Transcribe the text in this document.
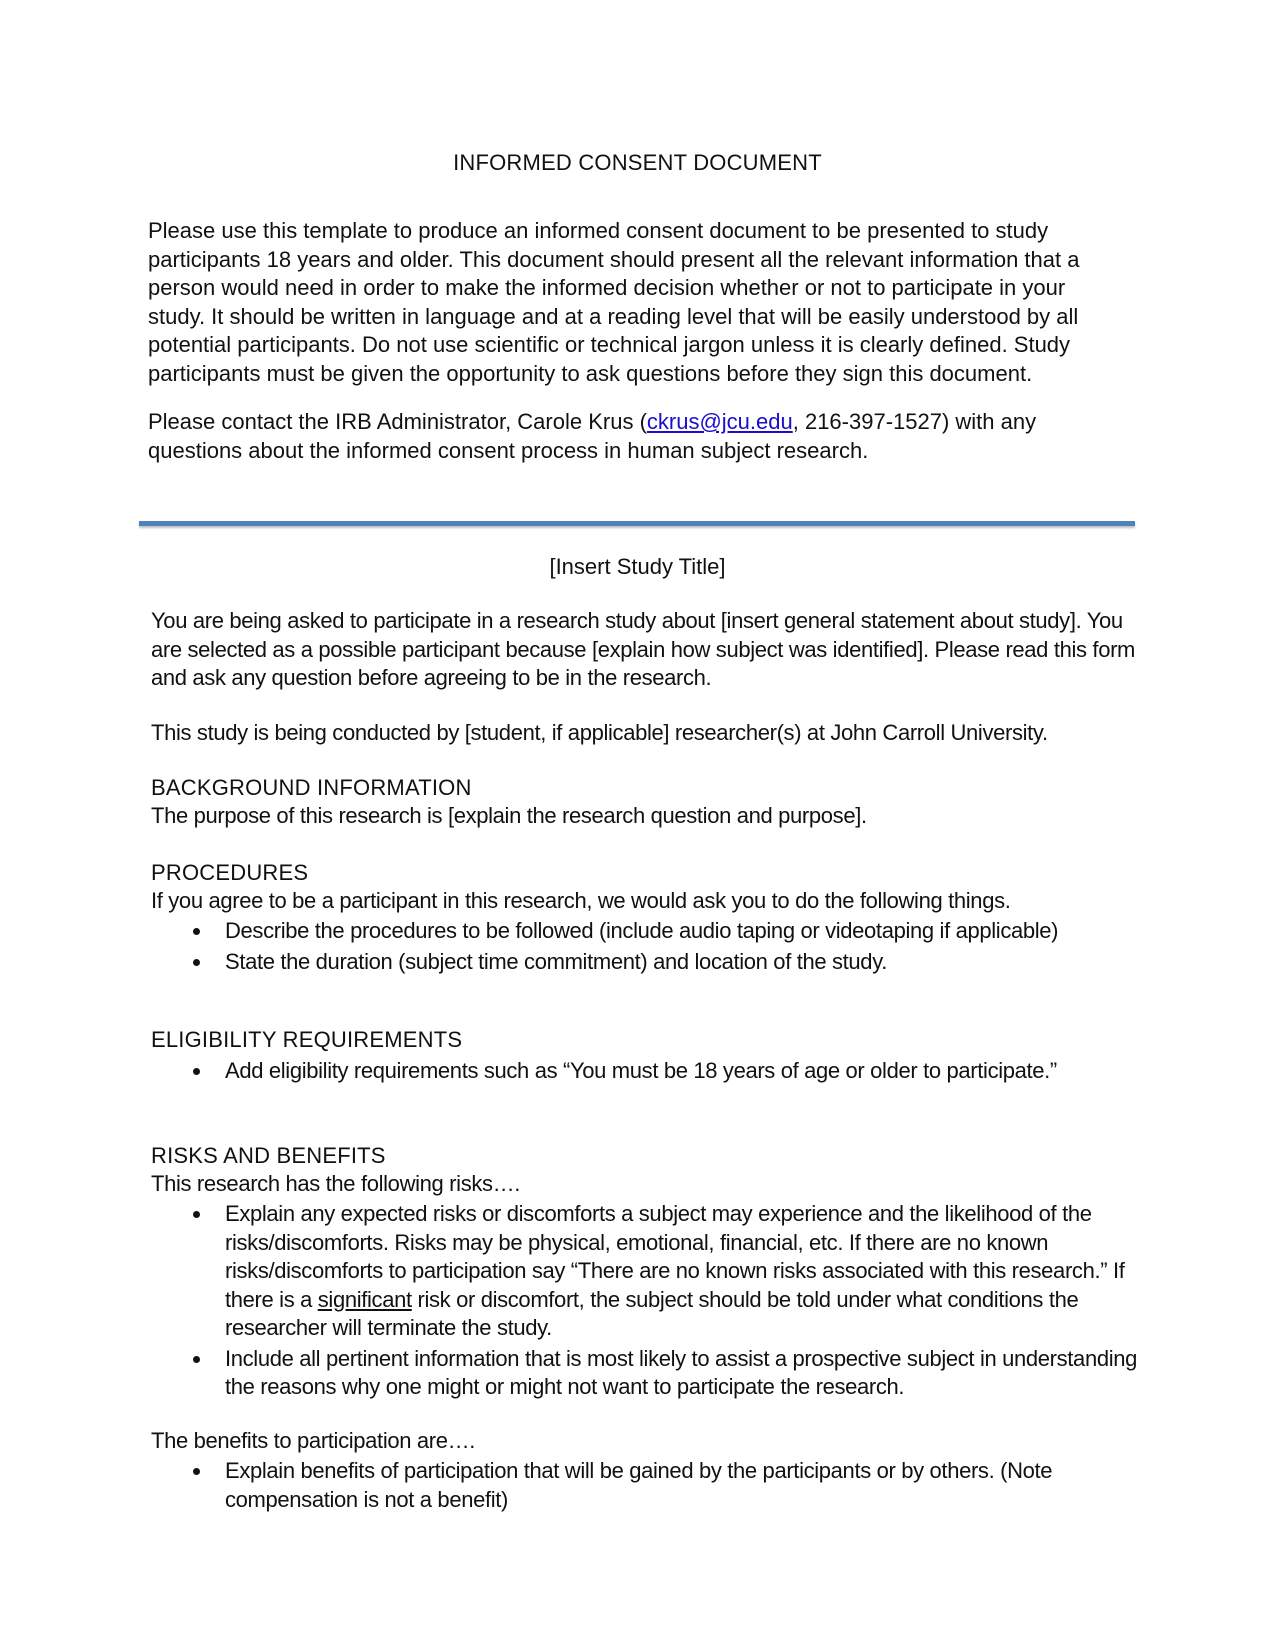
INFORMED CONSENT DOCUMENT

Please use this template to produce an informed consent document to be presented to study participants 18 years and older. This document should present all the relevant information that a person would need in order to make the informed decision whether or not to participate in your study. It should be written in language and at a reading level that will be easily understood by all potential participants. Do not use scientific or technical jargon unless it is clearly defined. Study participants must be given the opportunity to ask questions before they sign this document.

Please contact the IRB Administrator, Carole Krus (ckrus@jcu.edu, 216-397-1527) with any questions about the informed consent process in human subject research.

[Insert Study Title]

You are being asked to participate in a research study about [insert general statement about study]. You are selected as a possible participant because [explain how subject was identified]. Please read this form and ask any question before agreeing to be in the research.

This study is being conducted by [student, if applicable] researcher(s) at John Carroll University.

BACKGROUND INFORMATION

The purpose of this research is [explain the research question and purpose].

PROCEDURES

If you agree to be a participant in this research, we would ask you to do the following things.

Describe the procedures to be followed (include audio taping or videotaping if applicable)
State the duration (subject time commitment) and location of the study.
ELIGIBILITY REQUIREMENTS
Add eligibility requirements such as “You must be 18 years of age or older to participate.”
RISKS AND BENEFITS

This research has the following risks….

Explain any expected risks or discomforts a subject may experience and the likelihood of the risks/discomforts. Risks may be physical, emotional, financial, etc. If there are no known risks/discomforts to participation say “There are no known risks associated with this research.” If there is a significant risk or discomfort, the subject should be told under what conditions the researcher will terminate the study.
Include all pertinent information that is most likely to assist a prospective subject in understanding the reasons why one might or might not want to participate the research.

The benefits to participation are….

Explain benefits of participation that will be gained by the participants or by others. (Note compensation is not a benefit)
